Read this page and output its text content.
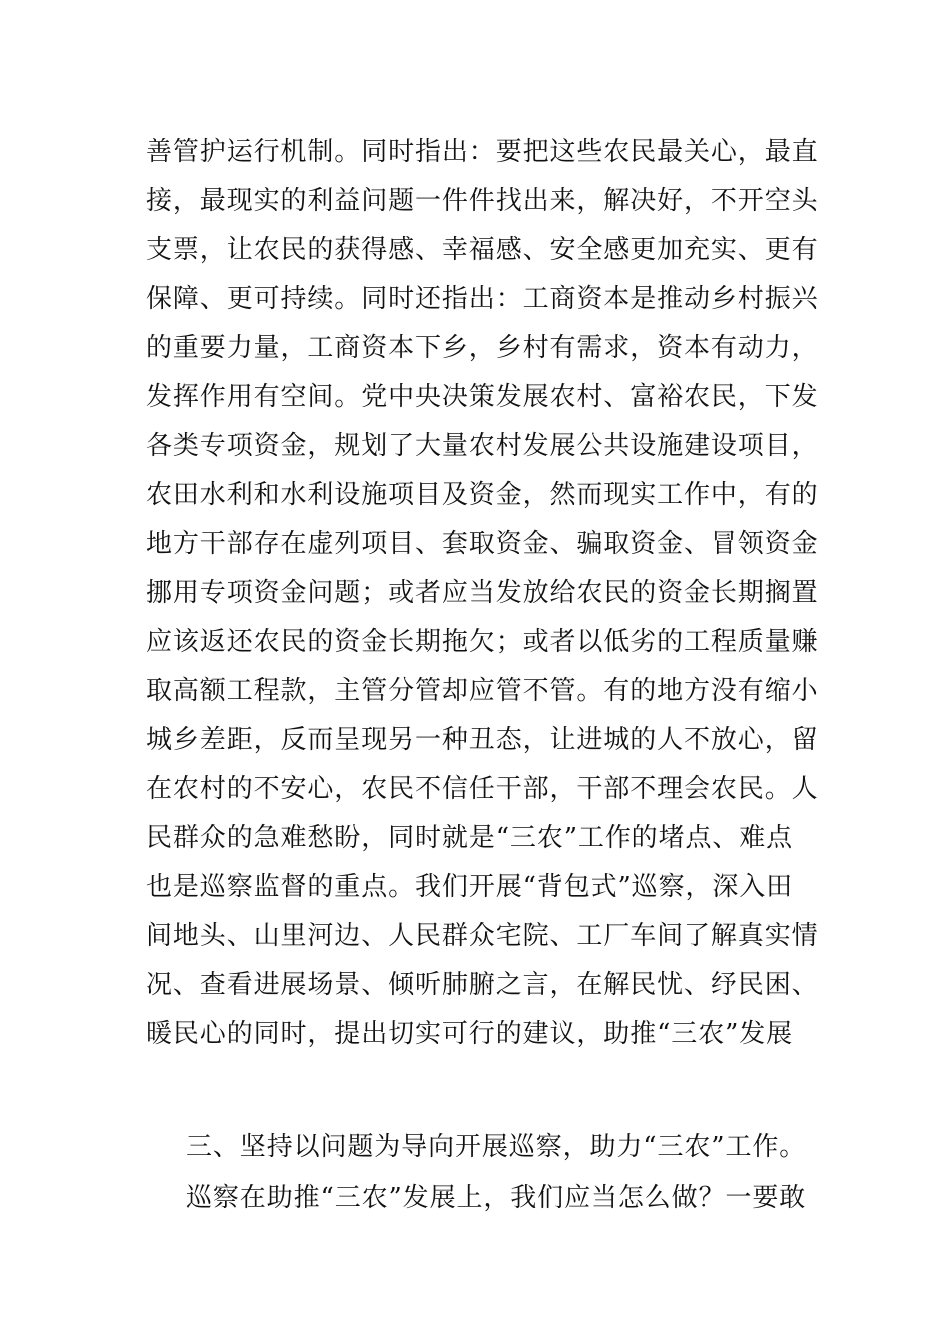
善管护运行机制。同时指出：要把这些农民最关心，最直
接，最现实的利益问题一件件找出来，解决好，不开空头
支票，让农民的获得感、幸福感、安全感更加充实、更有
保障、更可持续。同时还指出：工商资本是推动乡村振兴
的重要力量，工商资本下乡，乡村有需求，资本有动力，
发挥作用有空间。党中央决策发展农村、富裕农民，下发
各类专项资金，规划了大量农村发展公共设施建设项目，
农田水利和水利设施项目及资金，然而现实工作中，有的
地方干部存在虚列项目、套取资金、骗取资金、冒领资金
挪用专项资金问题；或者应当发放给农民的资金长期搁置
应该返还农民的资金长期拖欠；或者以低劣的工程质量赚
取高额工程款，主管分管却应管不管。有的地方没有缩小
城乡差距，反而呈现另一种丑态，让进城的人不放心，留
在农村的不安心，农民不信任干部，干部不理会农民。人
民群众的急难愁盼，同时就是“三农”工作的堵点、难点
也是巡察监督的重点。我们开展“背包式”巡察，深入田
间地头、山里河边、人民群众宅院、工厂车间了解真实情
况、查看进展场景、倾听肺腑之言，在解民忧、纾民困、
暖民心的同时，提出切实可行的建议，助推“三农”发展
三、坚持以问题为导向开展巡察，助力“三农”工作。
巡察在助推“三农”发展上，我们应当怎么做？一要敢
